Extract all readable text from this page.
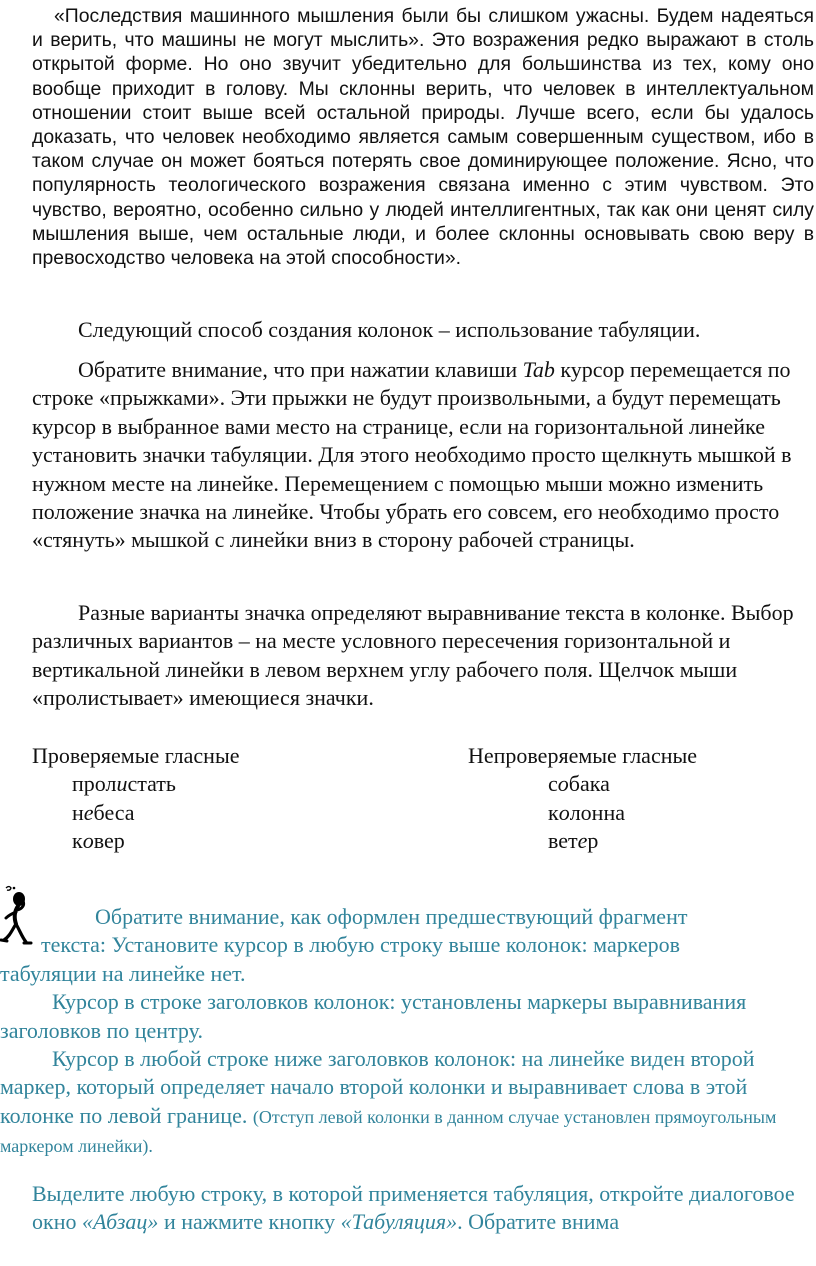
«Последствия машинного мышления были бы слишком ужасны. Будем надеяться и верить, что машины не могут мыслить». Это возражения редко выражают в столь открытой форме. Но оно звучит убедительно для большинства из тех, кому оно вообще приходит в голову. Мы склонны верить, что человек в интеллектуальном отношении стоит выше всей остальной природы. Лучше всего, если бы удалось доказать, что человек необходимо является самым совершенным существом, ибо в таком случае он может бояться потерять свое доминирующее положение. Ясно, что популярность теологического возражения связана именно с этим чувством. Это чувство, вероятно, особенно сильно у людей интеллигентных, так как они ценят силу мышления выше, чем остальные люди, и более склонны основывать свою веру в превосходство человека на этой способности».

Следующий способ создания колонок – использование табуляции.

Обратите внимание, что при нажатии клавиши Tab курсор перемещается по строке «прыжками». Эти прыжки не будут произвольными, а будут перемещать курсор в выбранное вами место на странице, если на горизонтальной линейке установить значки табуляции. Для этого необходимо просто щелкнуть мышкой в нужном месте на линейке. Перемещением с помощью мыши можно изменить положение значка на линейке. Чтобы убрать его совсем, его необходимо просто «стянуть» мышкой с линейки вниз в сторону рабочей страницы.

Разные варианты значка определяют выравнивание текста в колонке. Выбор различных вариантов – на месте условного пересечения горизонтальной и вертикальной линейки в левом верхнем углу рабочего поля. Щелчок мыши «пролистывает» имеющиеся значки.

Проверяемые гласные
пролистать
небеса
ковер
Непроверяемые гласные
собака
колонна
ветер
Обратите внимание, как оформлен предшествующий фрагмент
текста: Установите курсор в любую строку выше колонок: маркеров
табуляции на линейке нет.
Курсор в строке заголовков колонок: установлены маркеры выравнивания заголовков по центру.
Курсор в любой строке ниже заголовков колонок: на линейке виден второй маркер, который определяет начало второй колонки и выравнивает слова в этой колонке по левой границе. (Отступ левой колонки в данном случае установлен прямоугольным маркером линейки).

Выделите любую строку, в которой применяется табуляция, откройте диалоговое окно «Абзац» и нажмите кнопку «Табуляция». Обратите внима
